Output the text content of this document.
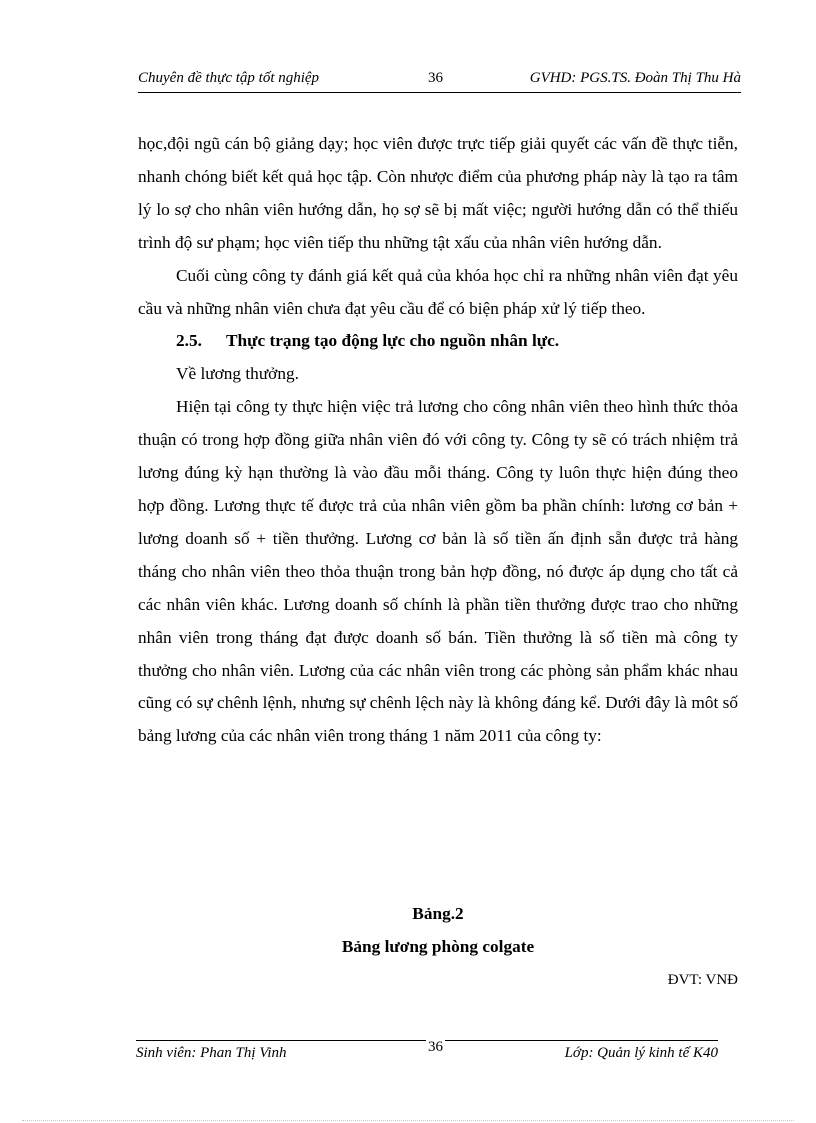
Chuyên đề thực tập tốt nghiệp	36	GVHD: PGS.TS. Đoàn Thị Thu Hà

học,đội ngũ cán bộ giảng dạy; học viên được trực tiếp giải quyết các vấn đề thực tiễn, nhanh chóng biết kết quả học tập. Còn nhược điểm của phương pháp này là tạo ra tâm lý lo sợ cho nhân viên hướng dẫn, họ sợ sẽ bị mất việc; người hướng dẫn có thể thiếu trình độ sư phạm; học viên tiếp thu những tật xấu của nhân viên hướng dẫn.

Cuối cùng công ty đánh giá kết quả của khóa học chỉ ra những nhân viên đạt yêu cầu và những nhân viên chưa đạt yêu cầu để có biện pháp xử lý tiếp theo.

2.5. Thực trạng tạo động lực cho nguồn nhân lực.

Về lương thưởng.

Hiện tại công ty thực hiện việc trả lương cho công nhân viên theo hình thức thỏa thuận có trong hợp đồng giữa nhân viên đó với công ty. Công ty sẽ có trách nhiệm trả lương đúng kỳ hạn thường là vào đầu mỗi tháng. Công ty luôn thực hiện đúng theo hợp đồng. Lương thực tế được trả của nhân viên gồm ba phần chính: lương cơ bản + lương doanh số + tiền thưởng. Lương cơ bản là số tiền ấn định sẵn được trả hàng tháng cho nhân viên theo thỏa thuận trong bản hợp đồng, nó được áp dụng cho tất cả các nhân viên khác. Lương doanh số chính là phần tiền thưởng được trao cho những nhân viên trong tháng đạt được doanh số bán. Tiền thưởng là số tiền mà công ty thưởng cho nhân viên. Lương của các nhân viên trong các phòng sản phẩm khác nhau cũng có sự chênh lệnh, nhưng sự chênh lệch này là không đáng kể. Dưới đây là môt số bảng lương của các nhân viên trong tháng 1 năm 2011 của công ty:

Bảng.2
Bảng lương phòng colgate
ĐVT: VNĐ
Sinh viên: Phan Thị Vinh	36	Lớp: Quản lý kinh tế K40
